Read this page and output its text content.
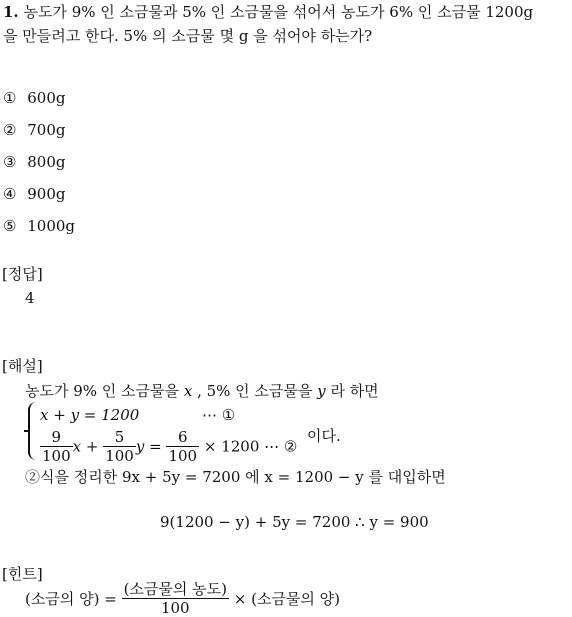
1. 농도가 9% 인 소금물과 5% 인 소금물을 섞어서 농도가 6% 인 소금물 1200g
을 만들려고 한다. 5% 의 소금물 몇 g 을 섞어야 하는가?
① 600g
② 700g
③ 800g
④ 900g
⑤ 1000g
[정답]
4
[해설]
농도가 9% 인 소금물을 x , 5% 인 소금물을 y 라 하면
x + y = 1200	⋯ ①
$\frac{9}{100}$ $x + \frac{5}{100}$ $y = \frac{6}{100} \times 1200$ ⋯ ②
이다.
②식을 정리한 9x + 5y = 7200 에 x = 1200 − y 를 대입하면
9(1200 − y) + 5y = 7200 ∴ y = 900
[힌트]
(소금의 양) = $\frac{\text{(소금물의 농도)}}{100}$ × (소금물의 양)
